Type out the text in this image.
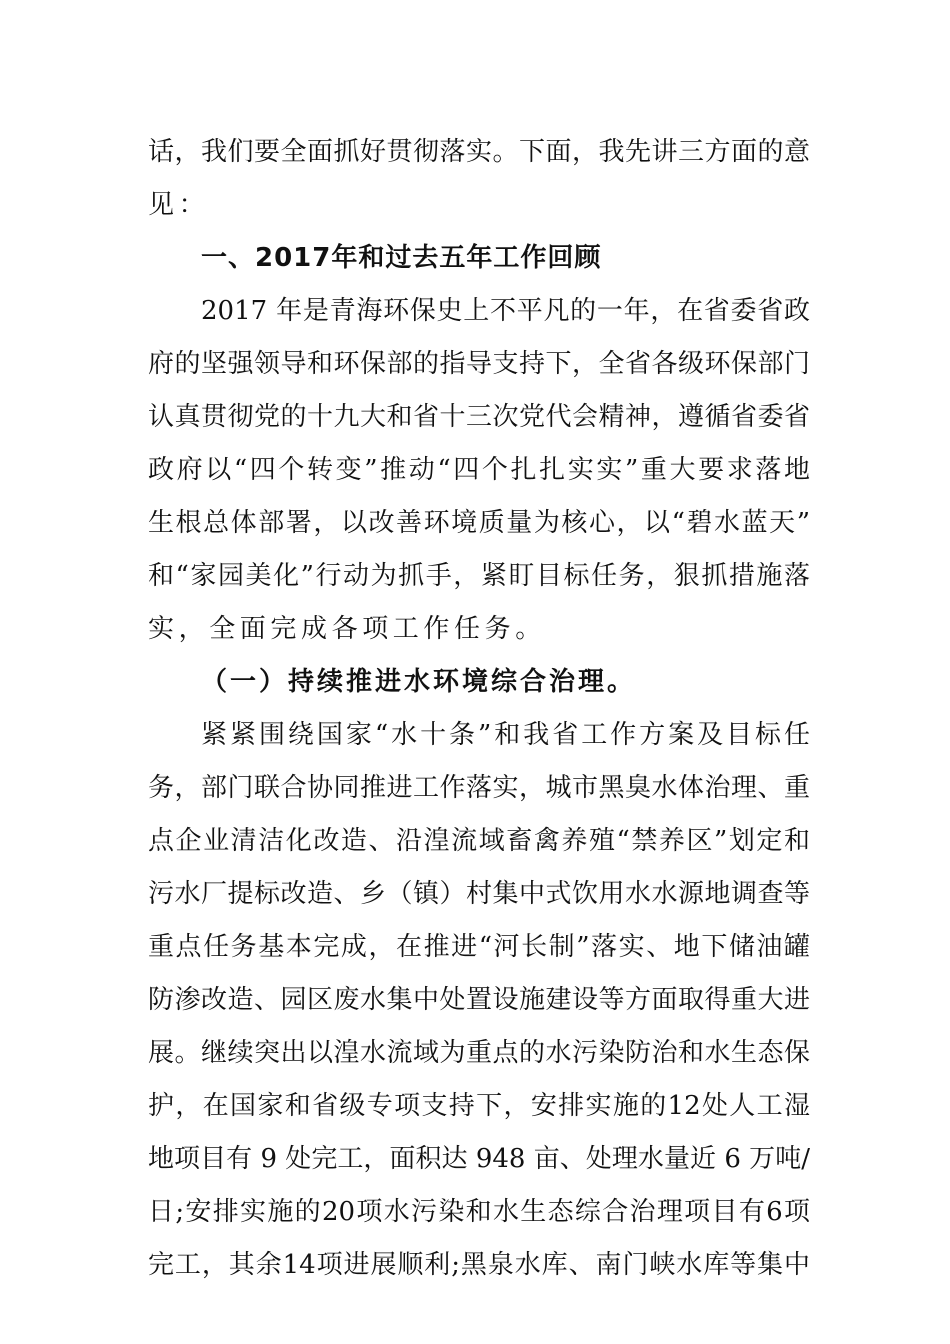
话，我们要全面抓好贯彻落实。下面，我先讲三方面的意
见：
一、2017年和过去五年工作回顾
2017 年是青海环保史上不平凡的一年，在省委省政
府的坚强领导和环保部的指导支持下，全省各级环保部门
认真贯彻党的十九大和省十三次党代会精神，遵循省委省
政府以“四个转变”推动“四个扎扎实实”重大要求落地
生根总体部署，以改善环境质量为核心，以“碧水蓝天”
和“家园美化”行动为抓手，紧盯目标任务，狠抓措施落
实，全面完成各项工作任务。
（一）持续推进水环境综合治理。
紧紧围绕国家“水十条”和我省工作方案及目标任
务，部门联合协同推进工作落实，城市黑臭水体治理、重
点企业清洁化改造、沿湟流域畜禽养殖“禁养区”划定和
污水厂提标改造、乡（镇）村集中式饮用水水源地调查等
重点任务基本完成，在推进“河长制”落实、地下储油罐
防渗改造、园区废水集中处置设施建设等方面取得重大进
展。继续突出以湟水流域为重点的水污染防治和水生态保
护，在国家和省级专项支持下，安排实施的12处人工湿
地项目有 9 处完工，面积达 948 亩、处理水量近 6 万吨/
日;安排实施的20项水污染和水生态综合治理项目有6项
完工，其余14项进展顺利;黑泉水库、南门峡水库等集中
